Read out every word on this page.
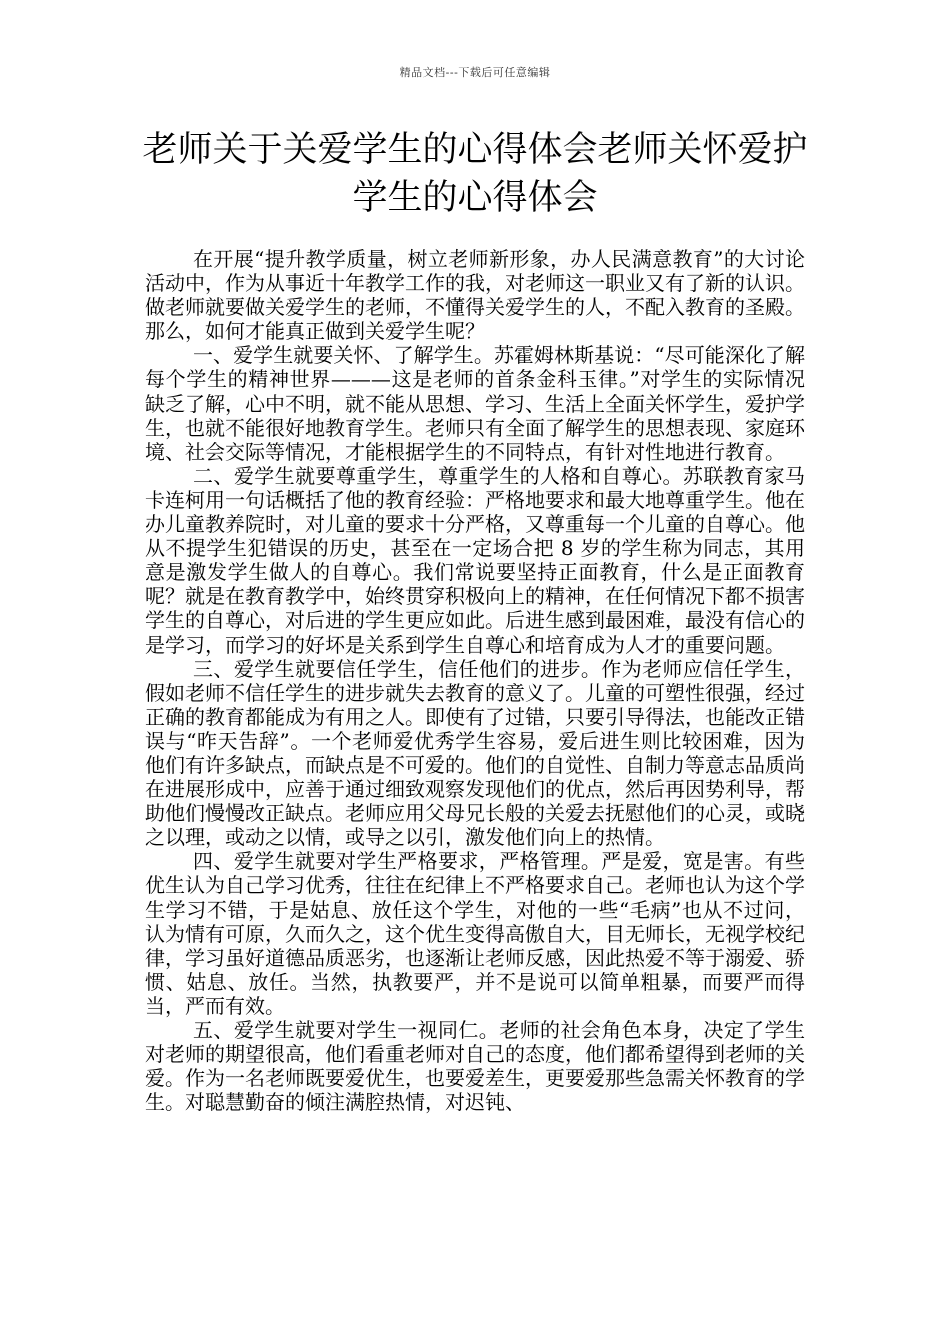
精品文档---下载后可任意编辑
老师关于关爱学生的心得体会老师关怀爱护学生的心得体会

在开展“提升教学质量，树立老师新形象，办人民满意教育”的大讨论活动中，作为从事近十年教学工作的我，对老师这一职业又有了新的认识。做老师就要做关爱学生的老师，不懂得关爱学生的人，不配入教育的圣殿。那么，如何才能真正做到关爱学生呢？

一、爱学生就要关怀、了解学生。苏霍姆林斯基说：“尽可能深化了解每个学生的精神世界———这是老师的首条金科玉律。”对学生的实际情况缺乏了解，心中不明，就不能从思想、学习、生活上全面关怀学生，爱护学生，也就不能很好地教育学生。老师只有全面了解学生的思想表现、家庭环境、社会交际等情况，才能根据学生的不同特点，有针对性地进行教育。

二、爱学生就要尊重学生，尊重学生的人格和自尊心。苏联教育家马卡连柯用一句话概括了他的教育经验：严格地要求和最大地尊重学生。他在办儿童教养院时，对儿童的要求十分严格，又尊重每一个儿童的自尊心。他从不提学生犯错误的历史，甚至在一定场合把 8 岁的学生称为同志，其用意是激发学生做人的自尊心。我们常说要坚持正面教育，什么是正面教育呢？就是在教育教学中，始终贯穿积极向上的精神，在任何情况下都不损害学生的自尊心，对后进的学生更应如此。后进生感到最困难，最没有信心的是学习，而学习的好坏是关系到学生自尊心和培育成为人才的重要问题。

三、爱学生就要信任学生，信任他们的进步。作为老师应信任学生，假如老师不信任学生的进步就失去教育的意义了。儿童的可塑性很强，经过正确的教育都能成为有用之人。即使有了过错，只要引导得法，也能改正错误与“昨天告辞”。一个老师爱优秀学生容易，爱后进生则比较困难，因为他们有许多缺点，而缺点是不可爱的。他们的自觉性、自制力等意志品质尚在进展形成中，应善于通过细致观察发现他们的优点，然后再因势利导，帮助他们慢慢改正缺点。老师应用父母兄长般的关爱去抚慰他们的心灵，或晓之以理，或动之以情，或导之以引，激发他们向上的热情。

四、爱学生就要对学生严格要求，严格管理。严是爱，宽是害。有些优生认为自己学习优秀，往往在纪律上不严格要求自己。老师也认为这个学生学习不错，于是姑息、放任这个学生，对他的一些“毛病”也从不过问，认为情有可原，久而久之，这个优生变得高傲自大，目无师长，无视学校纪律，学习虽好道德品质恶劣，也逐渐让老师反感，因此热爱不等于溺爱、骄惯、姑息、放任。当然，执教要严，并不是说可以简单粗暴，而要严而得当，严而有效。

五、爱学生就要对学生一视同仁。老师的社会角色本身，决定了学生对老师的期望很高，他们看重老师对自己的态度，他们都希望得到老师的关爱。作为一名老师既要爱优生，也要爱差生，更要爱那些急需关怀教育的学生。对聪慧勤奋的倾注满腔热情，对迟钝、
